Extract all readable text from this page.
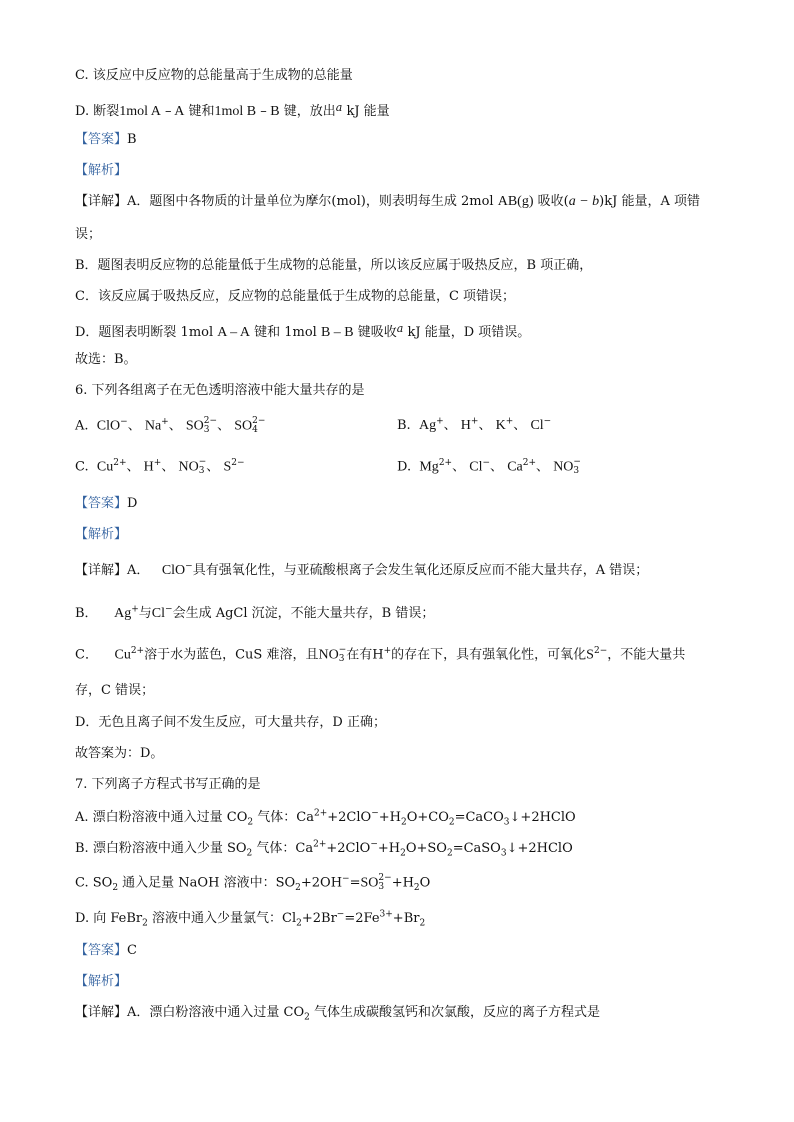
C. 该反应中反应物的总能量高于生成物的总能量
D. 断裂1mol A – A 键和1mol B – B 键，放出$^a$ kJ 能量
【答案】B
【解析】
【详解】A．题图中各物质的计量单位为摩尔(mol)，则表明每生成 2mol AB(g) 吸收(a − b)kJ 能量，A 项错
误；
B．题图表明反应物的总能量低于生成物的总能量，所以该反应属于吸热反应，B 项正确，
C．该反应属于吸热反应，反应物的总能量低于生成物的总能量，C 项错误；
D．题图表明断裂 1mol A – A 键和 1mol B – B 键吸收$^a$ kJ 能量，D 项错误。
故选：B。
6. 下列各组离子在无色透明溶液中能大量共存的是
A. ClO−、 Na+、 SO 2−
3 、 SO 2−
4	B. Ag+、 H+、 K+、 Cl−
C. $Cu^{2+}$、 H+、 NO −
3 、 $S^{2-}$	D. $Mg^{2+}$、 Cl−、 $Ca^{2+}$、 NO −
3
【答案】D
【解析】
【详解】A． ClO−具有强氧化性，与亚硫酸根离子会发生氧化还原反应而不能大量共存，A 错误；
B． Ag+与Cl−会生成 AgCl 沉淀，不能大量共存，B 错误；
C． $Cu^{2+}$溶于水为蓝色，CuS 难溶，且NO −
3 在有H+的存在下，具有强氧化性，可氧化$S^{2-}$，不能大量共
存，C 错误；
D．无色且离子间不发生反应，可大量共存，D 正确；
故答案为：D。
7. 下列离子方程式书写正确的是
A. 漂白粉溶液中通入过量 $CO_2$ 气体：$Ca^{2+}+2ClO^-+H_2O+CO_2=CaCO_3↓+2HClO$
B. 漂白粉溶液中通入少量 $SO_2$ 气体：$Ca^{2+}+2ClO^-+H_2O+SO_2=CaSO_3↓+2HClO$
C. $SO_2$ 通入足量 NaOH 溶液中：$SO_2+2OH^-=SO$ 2−
$3 +H_2O$
D. 向 FeBr$_2$ 溶液中通入少量氯气：$Cl_2+2Br^-=2Fe^{3+}+Br_2$
【答案】C
【解析】
【详解】A．漂白粉溶液中通入过量 $CO_2$ 气体生成碳酸氢钙和次氯酸，反应的离子方程式是
